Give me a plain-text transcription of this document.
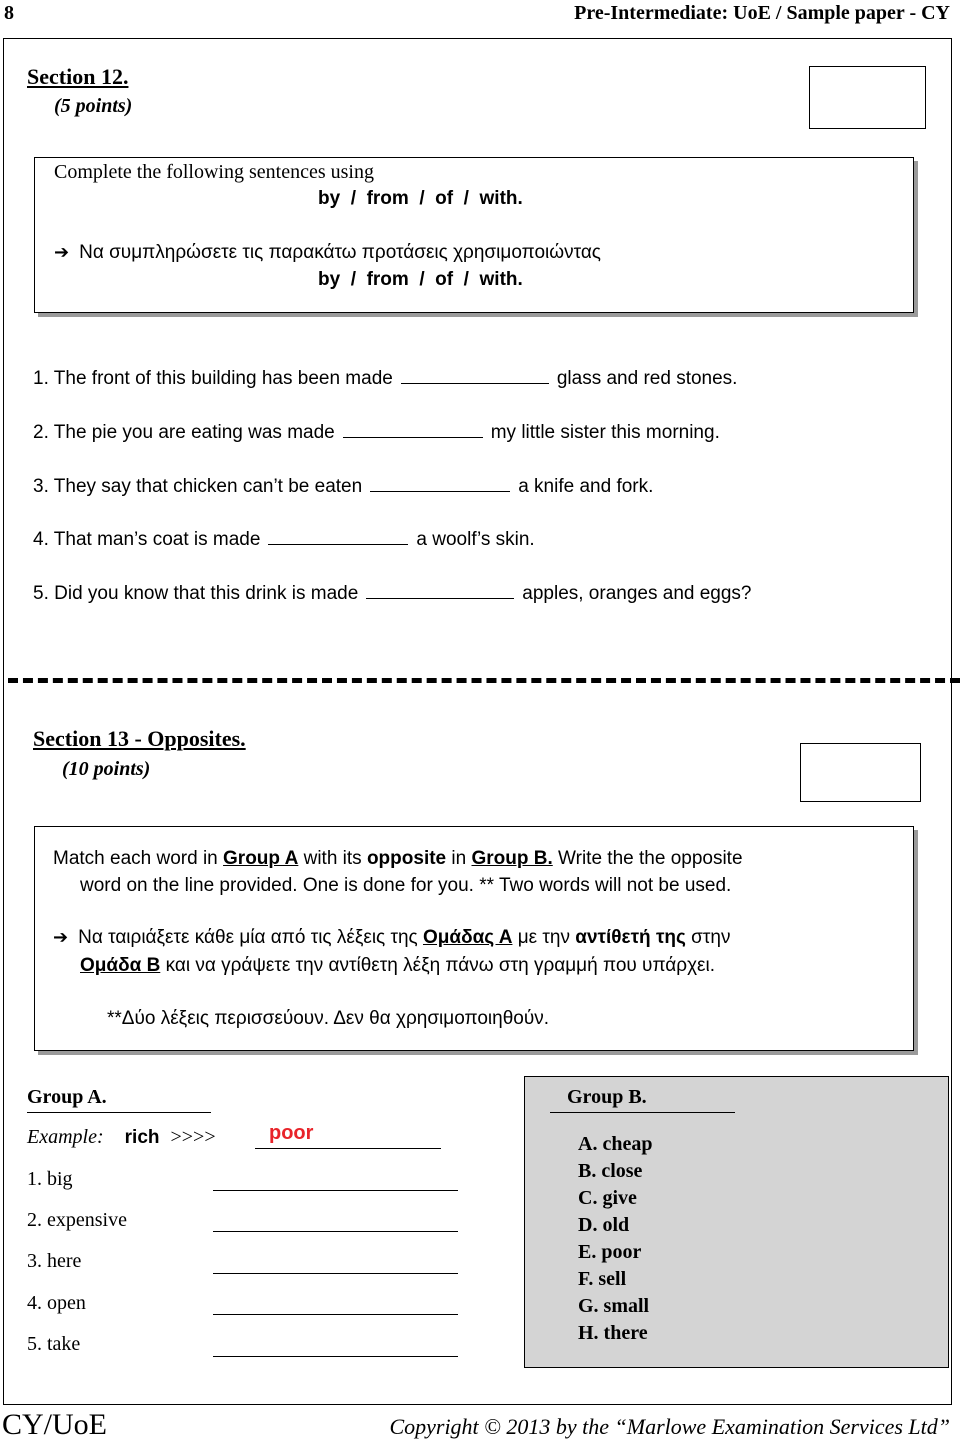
8	Pre-Intermediate: UoE / Sample paper - CY
Section 12.
(5 points)
Complete the following sentences using
by  /  from  /  of  /  with.
➔ Να συμπληρώσετε τις παρακάτω προτάσεις χρησιμοποιώντας
by  /  from  /  of  /  with.
1. The front of this building has been made	glass and red stones.
2. The pie you are eating was made	my little sister this morning.
3. They say that chicken can’t be eaten	a knife and fork.
4. That man’s coat is made	a woolf’s skin.
5. Did you know that this drink is made	apples, oranges and eggs?
Section 13 - Opposites.
(10 points)
Match each word in Group A with its opposite in Group B. Write the the opposite
word on the line provided. One is done for you. ** Two words will not be used.
➔ Να ταιριάξετε κάθε μία από τις λέξεις της Ομάδας Α με την αντίθετή της στην
Ομάδα Β και να γράψετε την αντίθετη λέξη πάνω στη γραμμή που υπάρχει.
**Δύο λέξεις περισσεύουν. Δεν θα χρησιμοποιηθούν.
Group A.
Example: rich >>>>	poor
1. big
2. expensive
3. here
4. open
5. take
Group B.
A. cheap
B. close
C. give
D. old
E. poor
F. sell
G. small
H. there
CY/UoE	Copyright © 2013 by the “Marlowe Examination Services Ltd”
